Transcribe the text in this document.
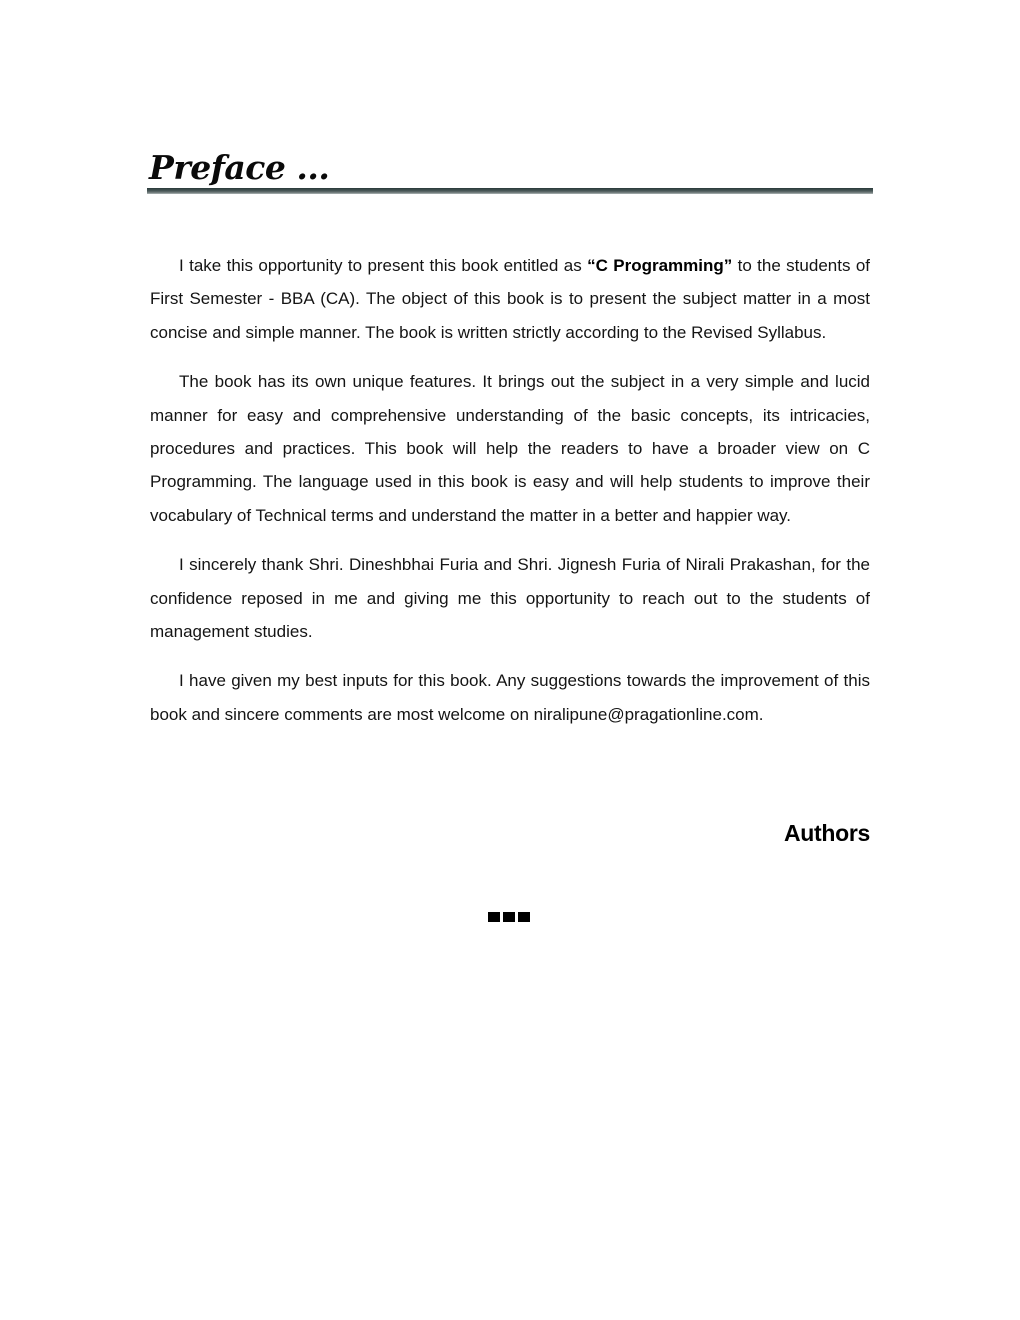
Preface ...

I take this opportunity to present this book entitled as “C Programming” to the students of First Semester - BBA (CA). The object of this book is to present the subject matter in a most concise and simple manner. The book is written strictly according to the Revised Syllabus.

The book has its own unique features. It brings out the subject in a very simple and lucid manner for easy and comprehensive understanding of the basic concepts, its intricacies, procedures and practices. This book will help the readers to have a broader view on C Programming. The language used in this book is easy and will help students to improve their vocabulary of Technical terms and understand the matter in a better and happier way.

I sincerely thank Shri. Dineshbhai Furia and Shri. Jignesh Furia of Nirali Prakashan, for the confidence reposed in me and giving me this opportunity to reach out to the students of management studies.

I have given my best inputs for this book. Any suggestions towards the improvement of this book and sincere comments are most welcome on niralipune@pragationline.com.

Authors
